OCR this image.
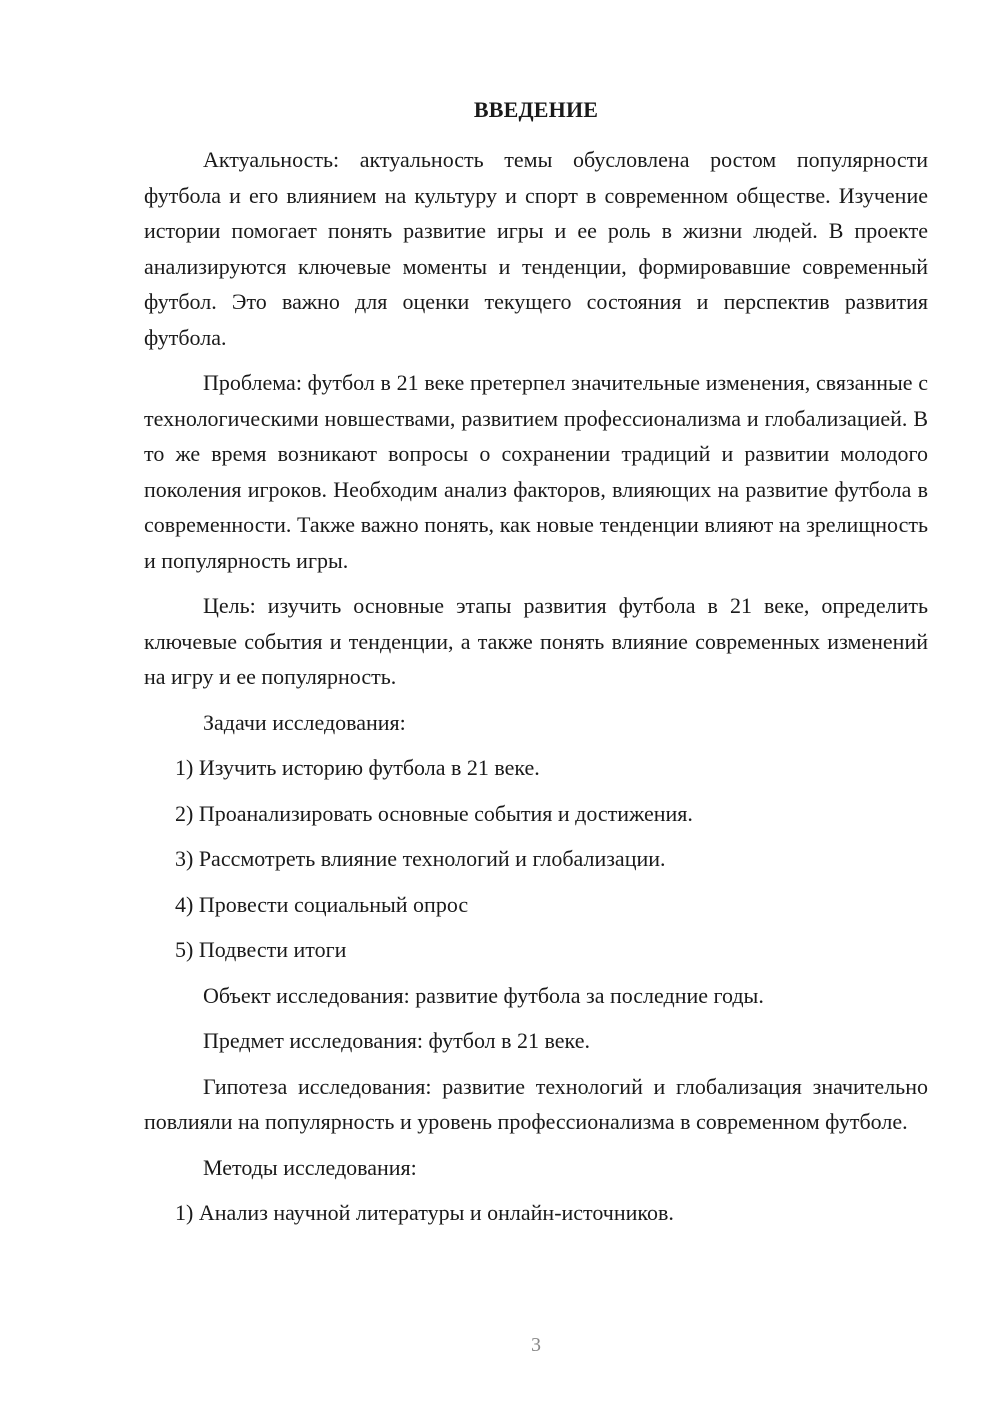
ВВЕДЕНИЕ

Актуальность: актуальность темы обусловлена ростом популярности футбола и его влиянием на культуру и спорт в современном обществе. Изучение истории помогает понять развитие игры и ее роль в жизни людей. В проекте анализируются ключевые моменты и тенденции, формировавшие современный футбол. Это важно для оценки текущего состояния и перспектив развития футбола.

Проблема: футбол в 21 веке претерпел значительные изменения, связанные с технологическими новшествами, развитием профессионализма и глобализацией. В то же время возникают вопросы о сохранении традиций и развитии молодого поколения игроков. Необходим анализ факторов, влияющих на развитие футбола в современности. Также важно понять, как новые тенденции влияют на зрелищность и популярность игры.

Цель: изучить основные этапы развития футбола в 21 веке, определить ключевые события и тенденции, а также понять влияние современных изменений на игру и ее популярность.

Задачи исследования:

1) Изучить историю футбола в 21 веке.
2) Проанализировать основные события и достижения.
3) Рассмотреть влияние технологий и глобализации.
4) Провести социальный опрос
5) Подвести итоги

Объект исследования: развитие футбола за последние годы.

Предмет исследования: футбол в 21 веке.

Гипотеза исследования: развитие технологий и глобализация значительно повлияли на популярность и уровень профессионализма в современном футболе.

Методы исследования:

1) Анализ научной литературы и онлайн-источников.
3
